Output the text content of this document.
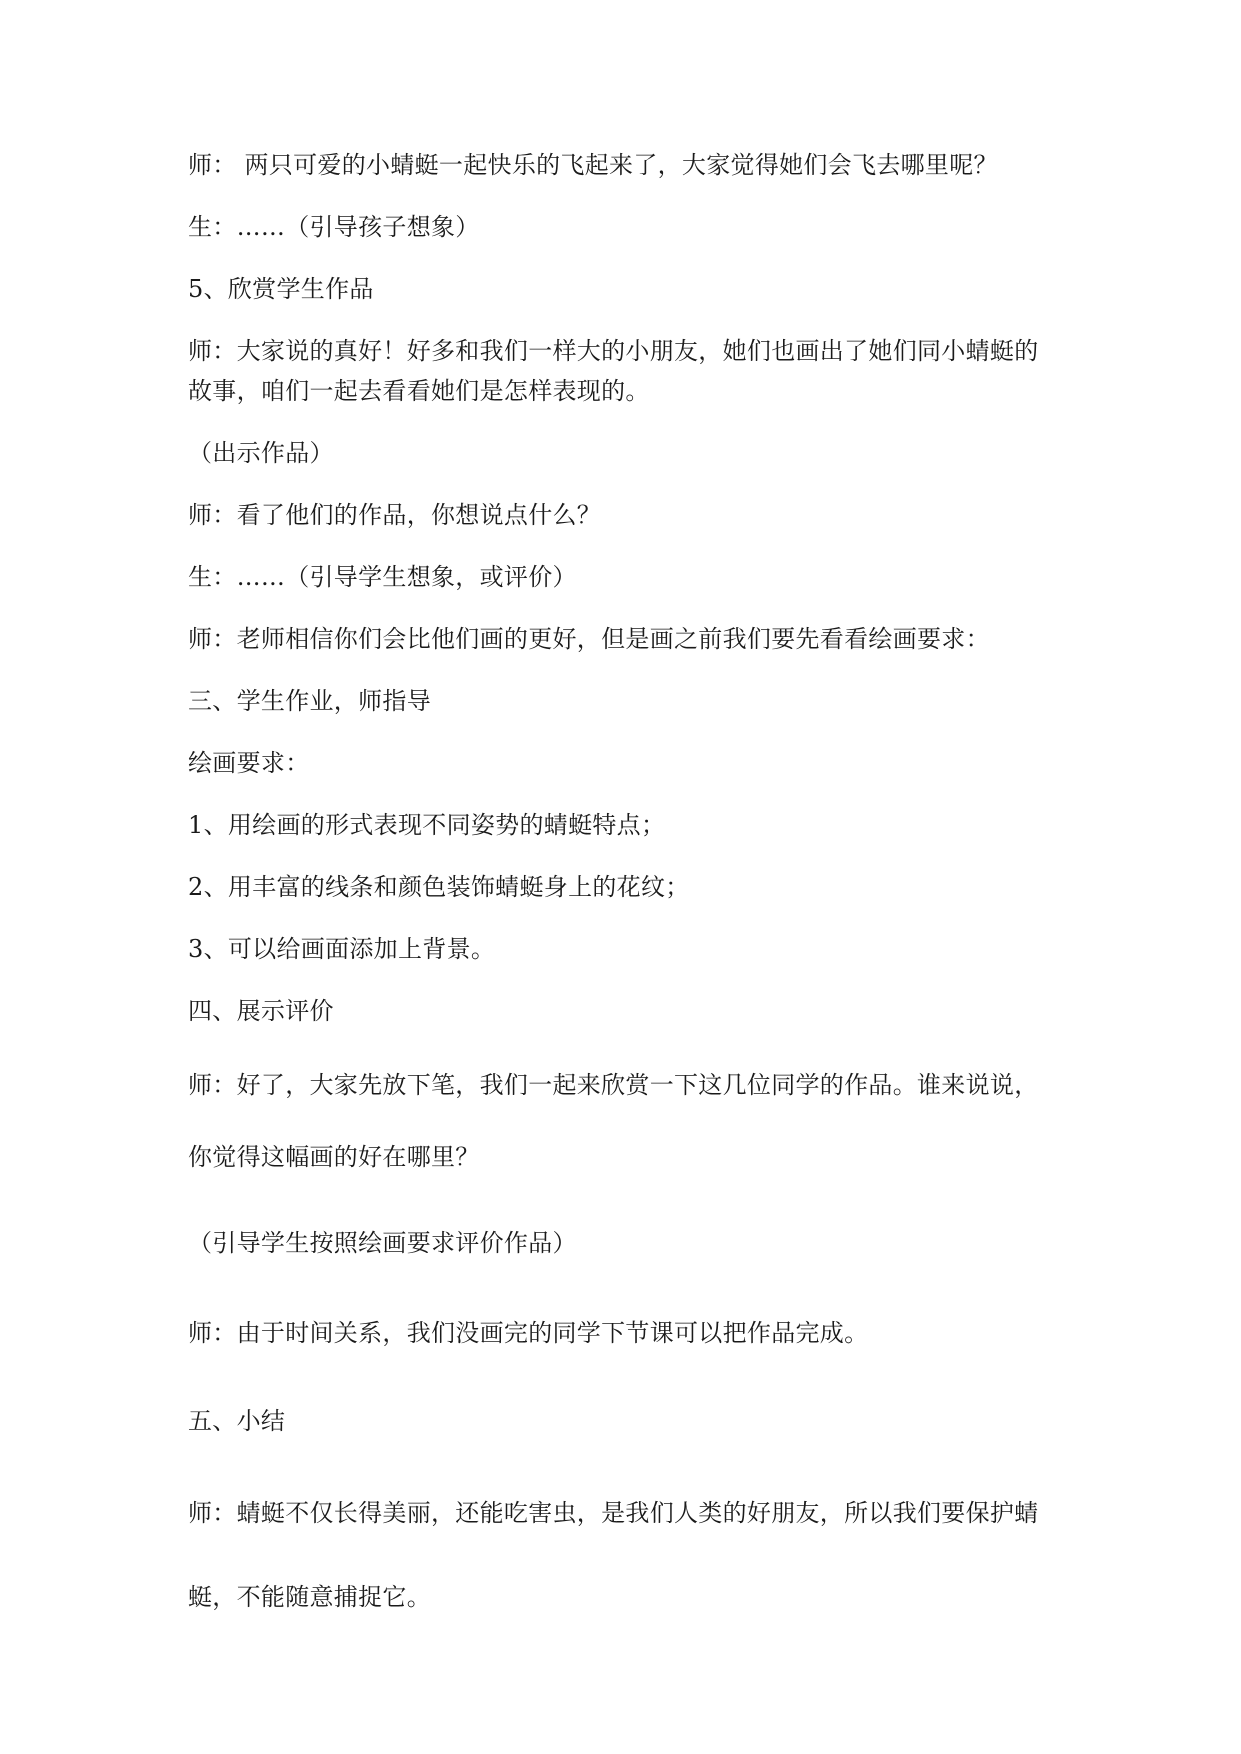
师： 两只可爱的小蜻蜓一起快乐的飞起来了，大家觉得她们会飞去哪里呢？
生：……（引导孩子想象）
5、欣赏学生作品
师：大家说的真好！好多和我们一样大的小朋友，她们也画出了她们同小蜻蜓的
故事，咱们一起去看看她们是怎样表现的。
（出示作品）
师：看了他们的作品，你想说点什么？
生：……（引导学生想象，或评价）
师：老师相信你们会比他们画的更好，但是画之前我们要先看看绘画要求：
三、学生作业，师指导
绘画要求：
1、用绘画的形式表现不同姿势的蜻蜓特点；
2、用丰富的线条和颜色装饰蜻蜓身上的花纹；
3、可以给画面添加上背景。
四、展示评价
师：好了，大家先放下笔，我们一起来欣赏一下这几位同学的作品。谁来说说，
你觉得这幅画的好在哪里？
（引导学生按照绘画要求评价作品）
师：由于时间关系，我们没画完的同学下节课可以把作品完成。
五、小结
师：蜻蜓不仅长得美丽，还能吃害虫，是我们人类的好朋友，所以我们要保护蜻
蜓，不能随意捕捉它。
